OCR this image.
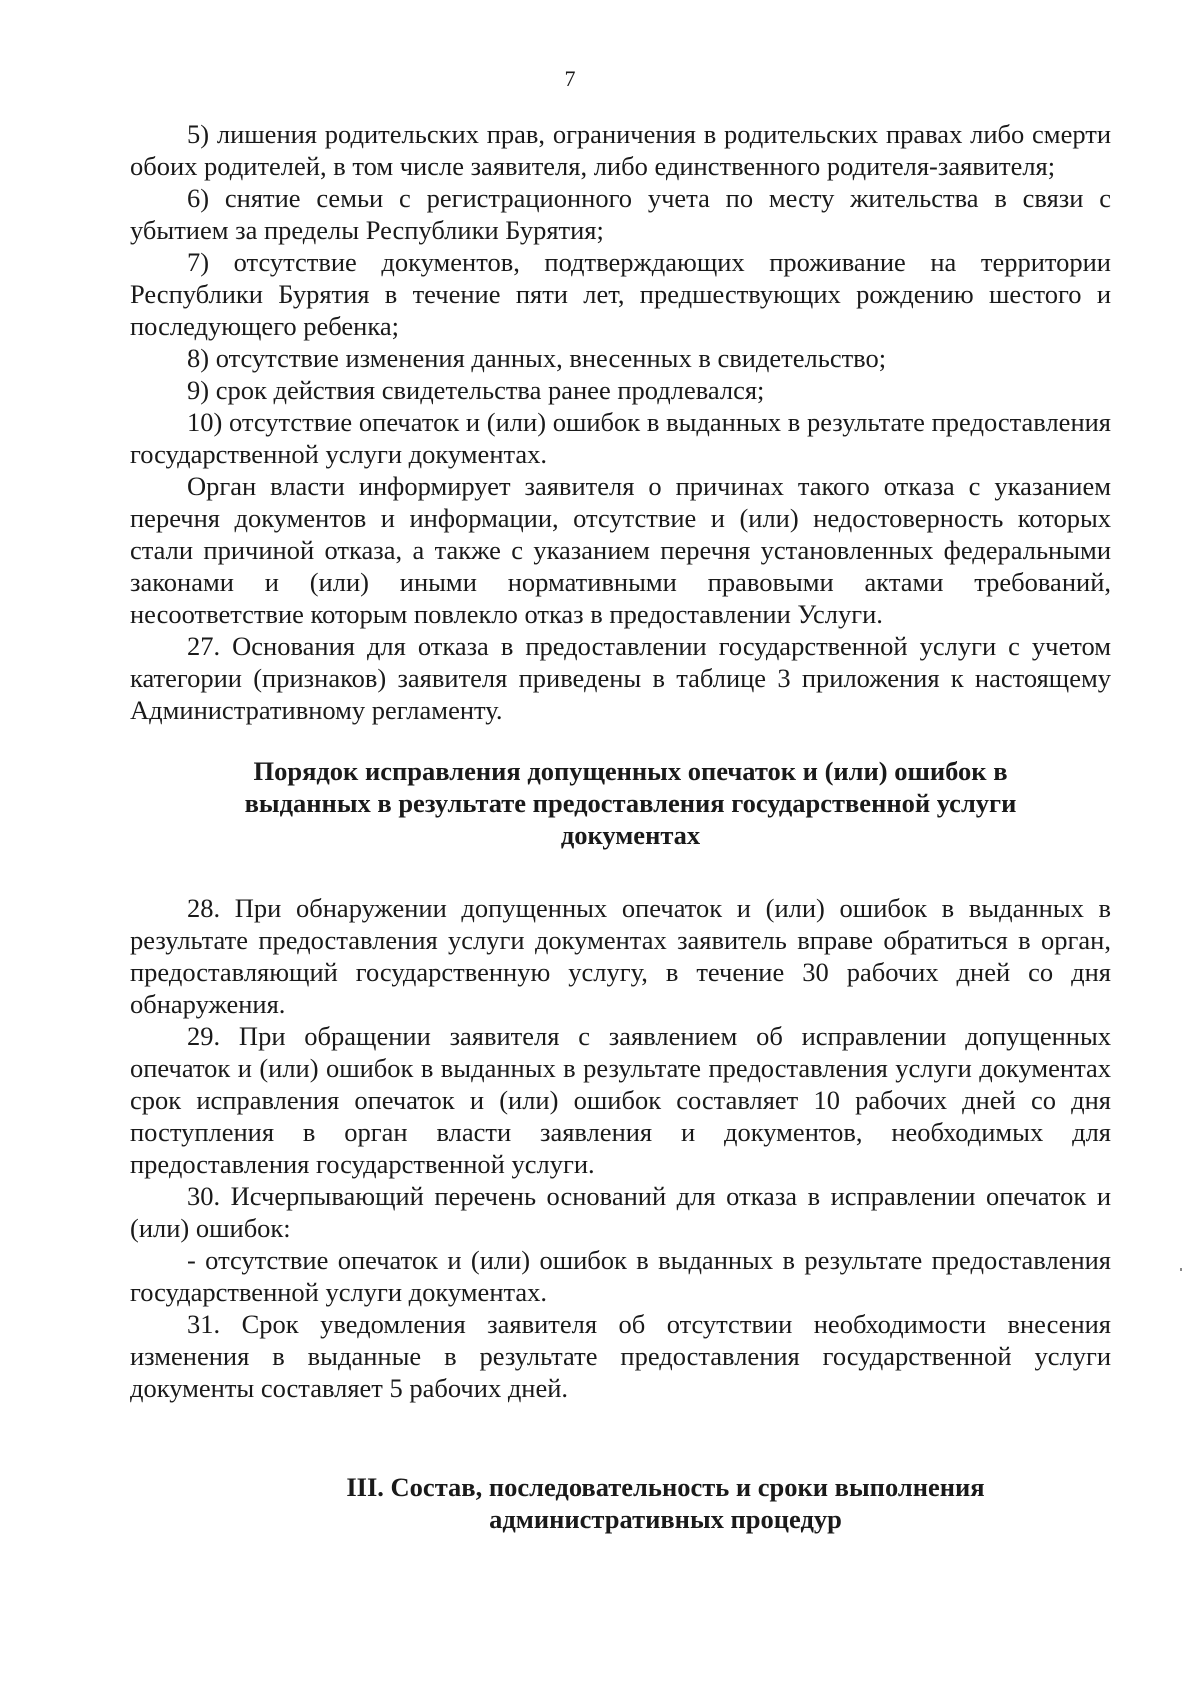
7

5) лишения родительских прав, ограничения в родительских правах либо смерти обоих родителей, в том числе заявителя, либо единственного родителя-заявителя;

6) снятие семьи с регистрационного учета по месту жительства в связи с убытием за пределы Республики Бурятия;

7) отсутствие документов, подтверждающих проживание на территории Республики Бурятия в течение пяти лет, предшествующих рождению шестого и последующего ребенка;

8) отсутствие изменения данных, внесенных в свидетельство;

9) срок действия свидетельства ранее продлевался;

10) отсутствие опечаток и (или) ошибок в выданных в результате предоставления государственной услуги документах.

Орган власти информирует заявителя о причинах такого отказа с указанием перечня документов и информации, отсутствие и (или) недостоверность которых стали причиной отказа, а также с указанием перечня установленных федеральными законами и (или) иными нормативными правовыми актами требований, несоответствие которым повлекло отказ в предоставлении Услуги.

27. Основания для отказа в предоставлении государственной услуги с учетом категории (признаков) заявителя приведены в таблице 3 приложения к настоящему Административному регламенту.

Порядок исправления допущенных опечаток и (или) ошибок в
выданных в результате предоставления государственной услуги
документах

28. При обнаружении допущенных опечаток и (или) ошибок в выданных в результате предоставления услуги документах заявитель вправе обратиться в орган, предоставляющий государственную услугу, в течение 30 рабочих дней со дня обнаружения.

29. При обращении заявителя с заявлением об исправлении допущенных опечаток и (или) ошибок в выданных в результате предоставления услуги документах срок исправления опечаток и (или) ошибок составляет 10 рабочих дней со дня поступления в орган власти заявления и документов, необходимых для предоставления государственной услуги.

30. Исчерпывающий перечень оснований для отказа в исправлении опечаток и (или) ошибок:

- отсутствие опечаток и (или) ошибок в выданных в результате предоставления государственной услуги документах.

31. Срок уведомления заявителя об отсутствии необходимости внесения изменения в выданные в результате предоставления государственной услуги документы составляет 5 рабочих дней.

III. Состав, последовательность и сроки выполнения
административных процедур
